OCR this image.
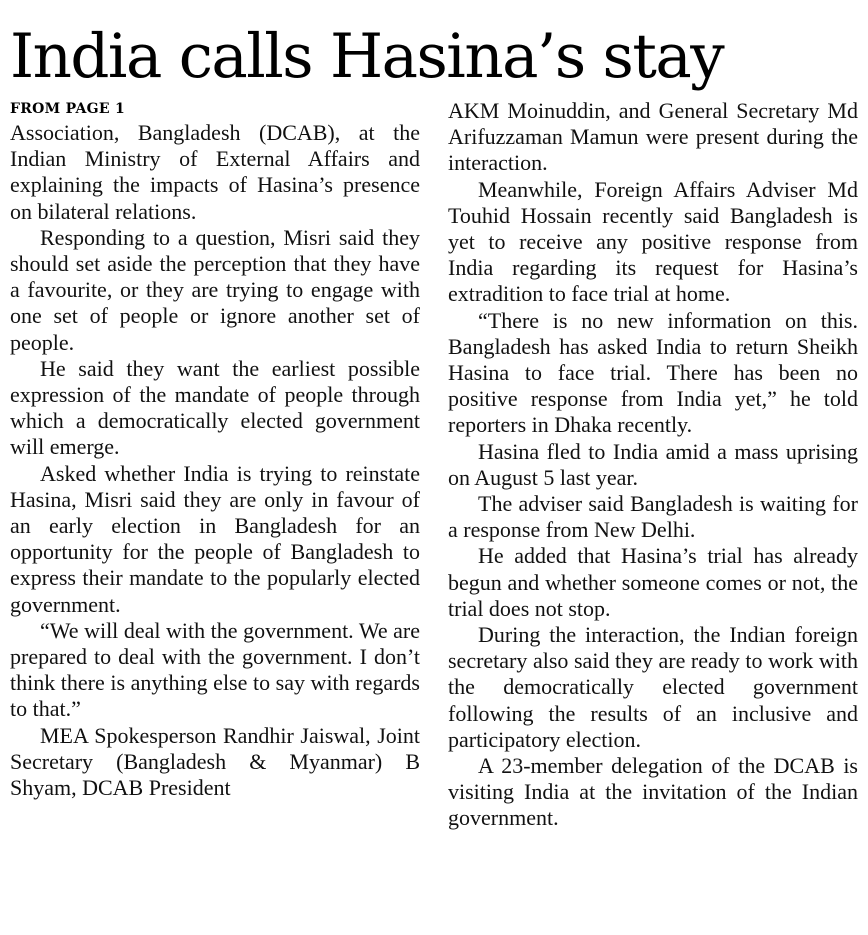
India calls Hasina’s stay
FROM PAGE 1

Association, Bangladesh (DCAB), at the Indian Ministry of External Affairs and explaining the impacts of Hasina’s presence on bilateral relations.

Responding to a question, Misri said they should set aside the perception that they have a favourite, or they are trying to engage with one set of people or ignore another set of people.

He said they want the earliest possible expression of the mandate of people through which a democratically elected government will emerge.

Asked whether India is trying to reinstate Hasina, Misri said they are only in favour of an early election in Bangladesh for an opportunity for the people of Bangladesh to express their mandate to the popularly elected government.

“We will deal with the government. We are prepared to deal with the government. I don’t think there is anything else to say with regards to that.”

MEA Spokesperson Randhir Jaiswal, Joint Secretary (Bangladesh & Myanmar) B Shyam, DCAB President

AKM Moinuddin, and General Secretary Md Arifuzzaman Mamun were present during the interaction.

Meanwhile, Foreign Affairs Adviser Md Touhid Hossain recently said Bangladesh is yet to receive any positive response from India regarding its request for Hasina’s extradition to face trial at home.

“There is no new information on this. Bangladesh has asked India to return Sheikh Hasina to face trial. There has been no positive response from India yet,” he told reporters in Dhaka recently.

Hasina fled to India amid a mass uprising on August 5 last year.

The adviser said Bangladesh is waiting for a response from New Delhi.

He added that Hasina’s trial has already begun and whether someone comes or not, the trial does not stop.

During the interaction, the Indian foreign secretary also said they are ready to work with the democratically elected government following the results of an inclusive and participatory election.

A 23-member delegation of the DCAB is visiting India at the invitation of the Indian government.
